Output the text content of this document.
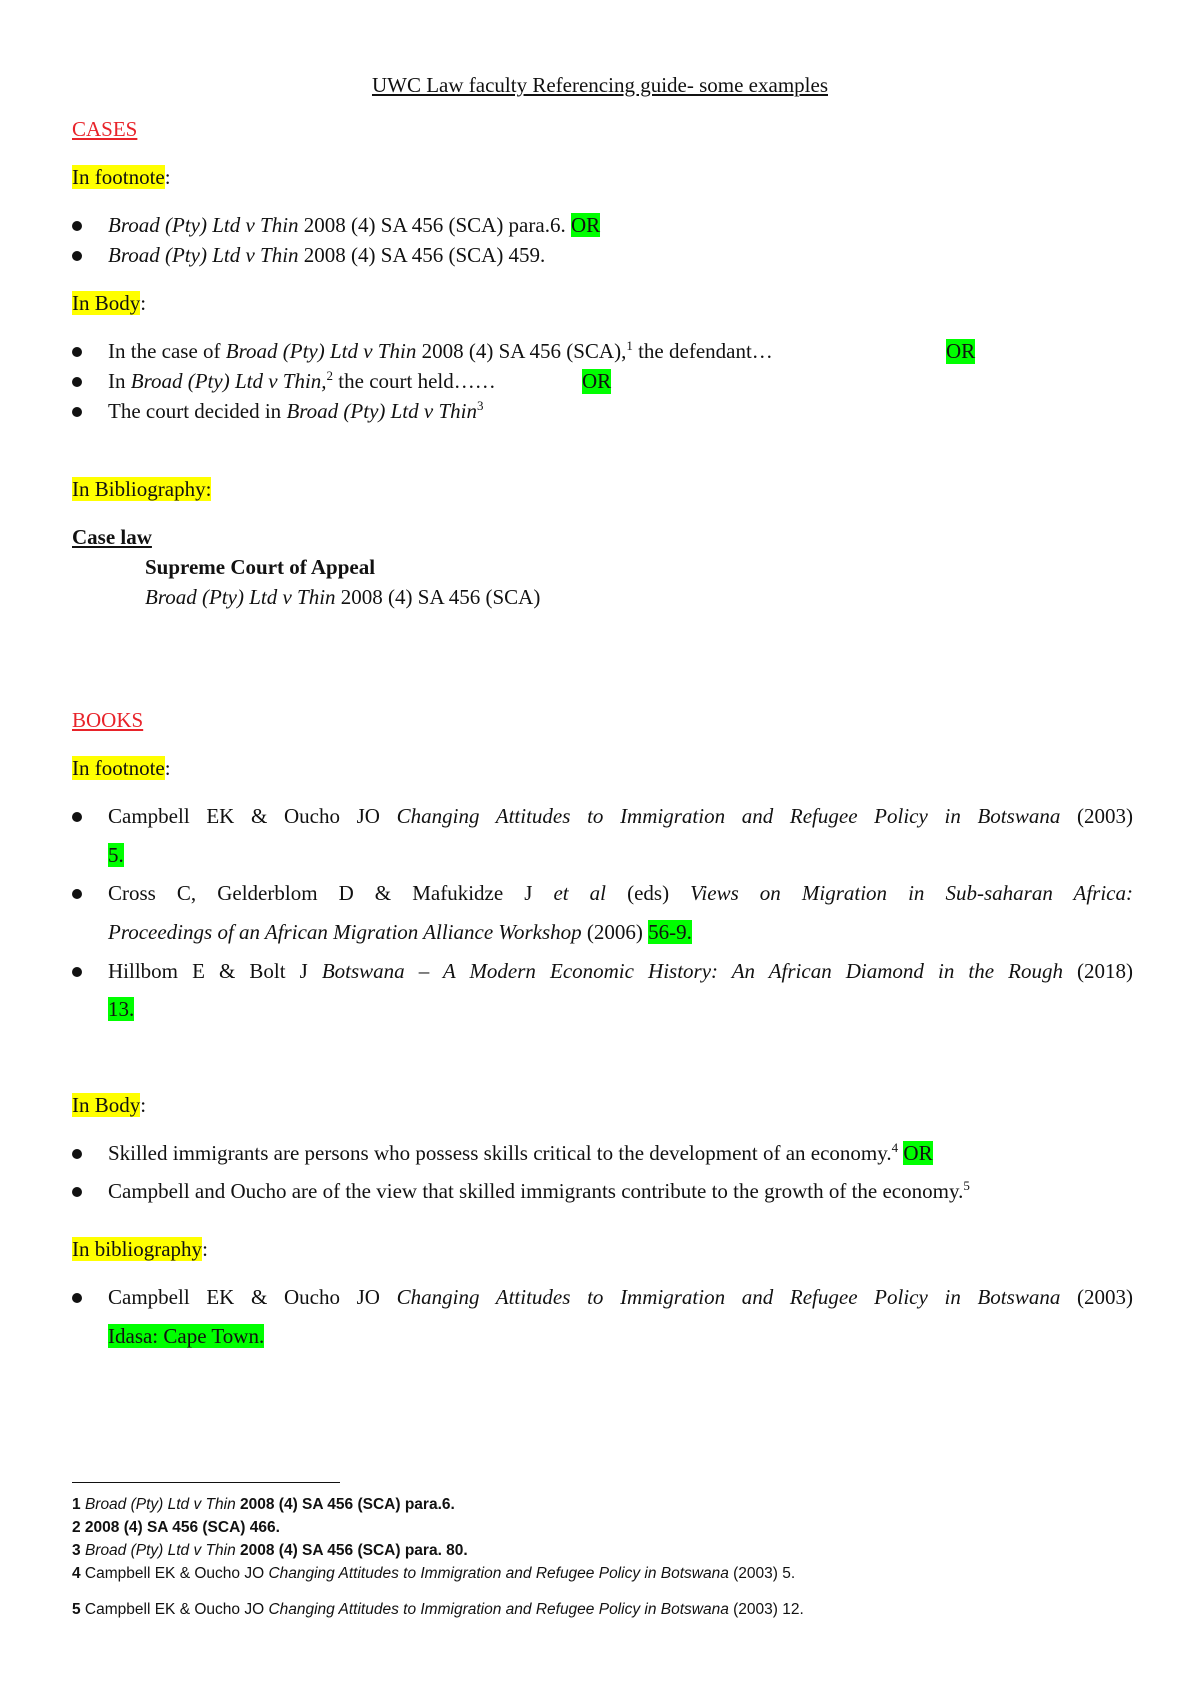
UWC Law faculty Referencing guide- some examples
CASES
In footnote:
Broad (Pty) Ltd v Thin 2008 (4) SA 456 (SCA) para.6. OR
Broad (Pty) Ltd v Thin 2008 (4) SA 456 (SCA) 459.
In Body:
In the case of Broad (Pty) Ltd v Thin 2008 (4) SA 456 (SCA),$^1$ the defendant…	OR
In Broad (Pty) Ltd v Thin,$^2$ the court held……	OR
The court decided in Broad (Pty) Ltd v Thin$^3$
In Bibliography:
Case law
Supreme Court of Appeal
Broad (Pty) Ltd v Thin 2008 (4) SA 456 (SCA)
BOOKS
In footnote:
Campbell EK & Oucho JO Changing Attitudes to Immigration and Refugee Policy in Botswana (2003)
5.
Cross C, Gelderblom D & Mafukidze J et al (eds) Views on Migration in Sub-saharan Africa:
Proceedings of an African Migration Alliance Workshop (2006) 56-9.
Hillbom E & Bolt J Botswana – A Modern Economic History: An African Diamond in the Rough (2018)
13.
In Body:
Skilled immigrants are persons who possess skills critical to the development of an economy.$^4$ OR
Campbell and Oucho are of the view that skilled immigrants contribute to the growth of the economy.$^5$
In bibliography:
Campbell EK & Oucho JO Changing Attitudes to Immigration and Refugee Policy in Botswana (2003)
Idasa: Cape Town.
1 Broad (Pty) Ltd v Thin 2008 (4) SA 456 (SCA) para.6.
2 2008 (4) SA 456 (SCA) 466.
3 Broad (Pty) Ltd v Thin 2008 (4) SA 456 (SCA) para. 80.
4 Campbell EK & Oucho JO Changing Attitudes to Immigration and Refugee Policy in Botswana (2003) 5.
5 Campbell EK & Oucho JO Changing Attitudes to Immigration and Refugee Policy in Botswana (2003) 12.
